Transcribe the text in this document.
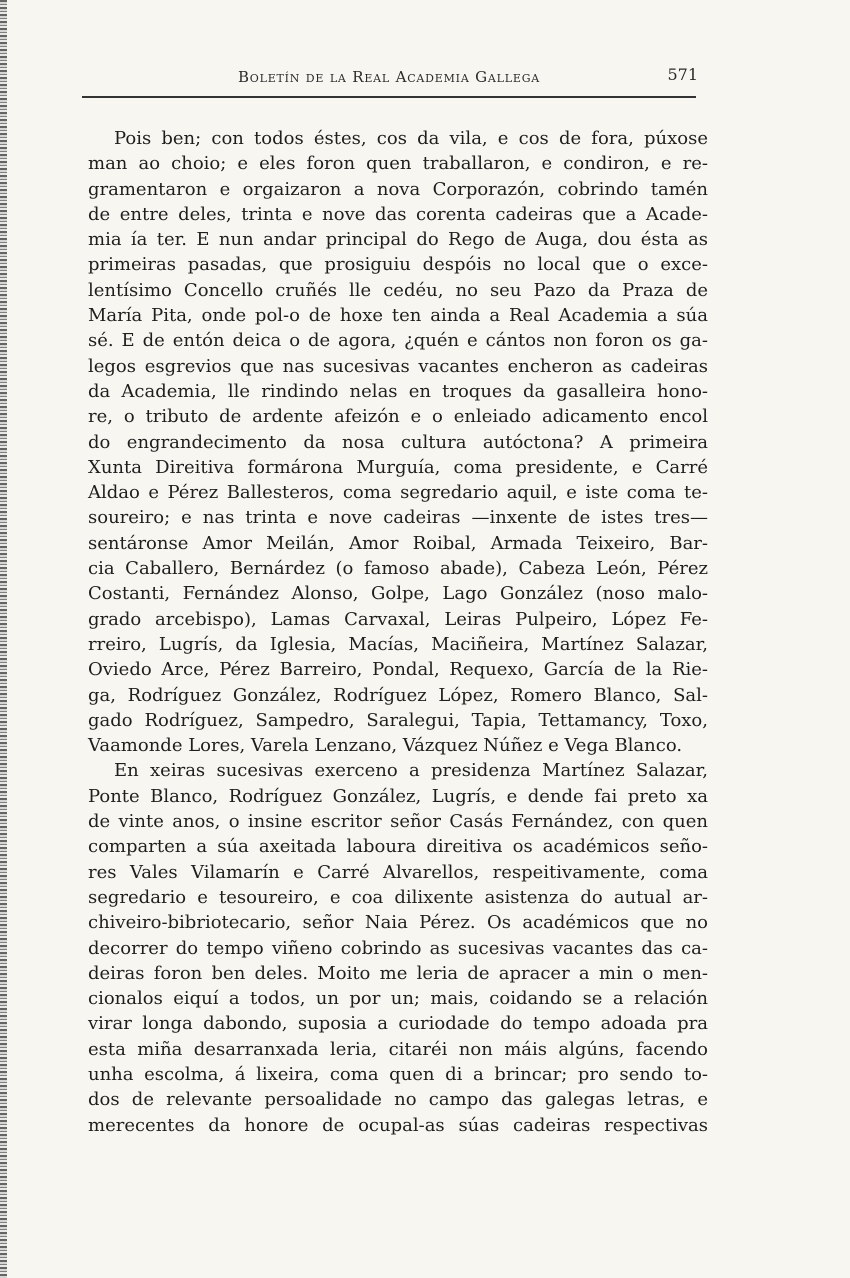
Boletín de la Real Academia Gallega	571
Pois ben; con todos éstes, cos da vila, e cos de fora, púxose
man ao choio; e eles foron quen traballaron, e condiron, e re-
gramentaron e orgaizaron a nova Corporazón, cobrindo tamén
de entre deles, trinta e nove das corenta cadeiras que a Acade-
mia ía ter. E nun andar principal do Rego de Auga, dou ésta as
primeiras pasadas, que prosiguiu despóis no local que o exce-
lentísimo Concello cruñés lle cedéu, no seu Pazo da Praza de
María Pita, onde pol-o de hoxe ten ainda a Real Academia a súa
sé. E de entón deica o de agora, ¿quén e cántos non foron os ga-
legos esgrevios que nas sucesivas vacantes encheron as cadeiras
da Academia, lle rindindo nelas en troques da gasalleira hono-
re, o tributo de ardente afeizón e o enleiado adicamento encol
do engrandecimento da nosa cultura autóctona? A primeira
Xunta Direitiva formárona Murguía, coma presidente, e Carré
Aldao e Pérez Ballesteros, coma segredario aquil, e iste coma te-
soureiro; e nas trinta e nove cadeiras —inxente de istes tres—
sentáronse Amor Meilán, Amor Roibal, Armada Teixeiro, Bar-
cia Caballero, Bernárdez (o famoso abade), Cabeza León, Pérez
Costanti, Fernández Alonso, Golpe, Lago González (noso malo-
grado arcebispo), Lamas Carvaxal, Leiras Pulpeiro, López Fe-
rreiro, Lugrís, da Iglesia, Macías, Maciñeira, Martínez Salazar,
Oviedo Arce, Pérez Barreiro, Pondal, Requexo, García de la Rie-
ga, Rodríguez González, Rodríguez López, Romero Blanco, Sal-
gado Rodríguez, Sampedro, Saralegui, Tapia, Tettamancy, Toxo,
Vaamonde Lores, Varela Lenzano, Vázquez Núñez e Vega Blanco.
En xeiras sucesivas exerceno a presidenza Martínez Salazar,
Ponte Blanco, Rodríguez González, Lugrís, e dende fai preto xa
de vinte anos, o insine escritor señor Casás Fernández, con quen
comparten a súa axeitada laboura direitiva os académicos seño-
res Vales Vilamarín e Carré Alvarellos, respeitivamente, coma
segredario e tesoureiro, e coa dilixente asistenza do autual ar-
chiveiro-bibriotecario, señor Naia Pérez. Os académicos que no
decorrer do tempo viñeno cobrindo as sucesivas vacantes das ca-
deiras foron ben deles. Moito me leria de apracer a min o men-
cionalos eiquí a todos, un por un; mais, coidando se a relación
virar longa dabondo, suposia a curiodade do tempo adoada pra
esta miña desarranxada leria, citaréi non máis algúns, facendo
unha escolma, á lixeira, coma quen di a brincar; pro sendo to-
dos de relevante persoalidade no campo das galegas letras, e
merecentes da honore de ocupal-as súas cadeiras respectivas
